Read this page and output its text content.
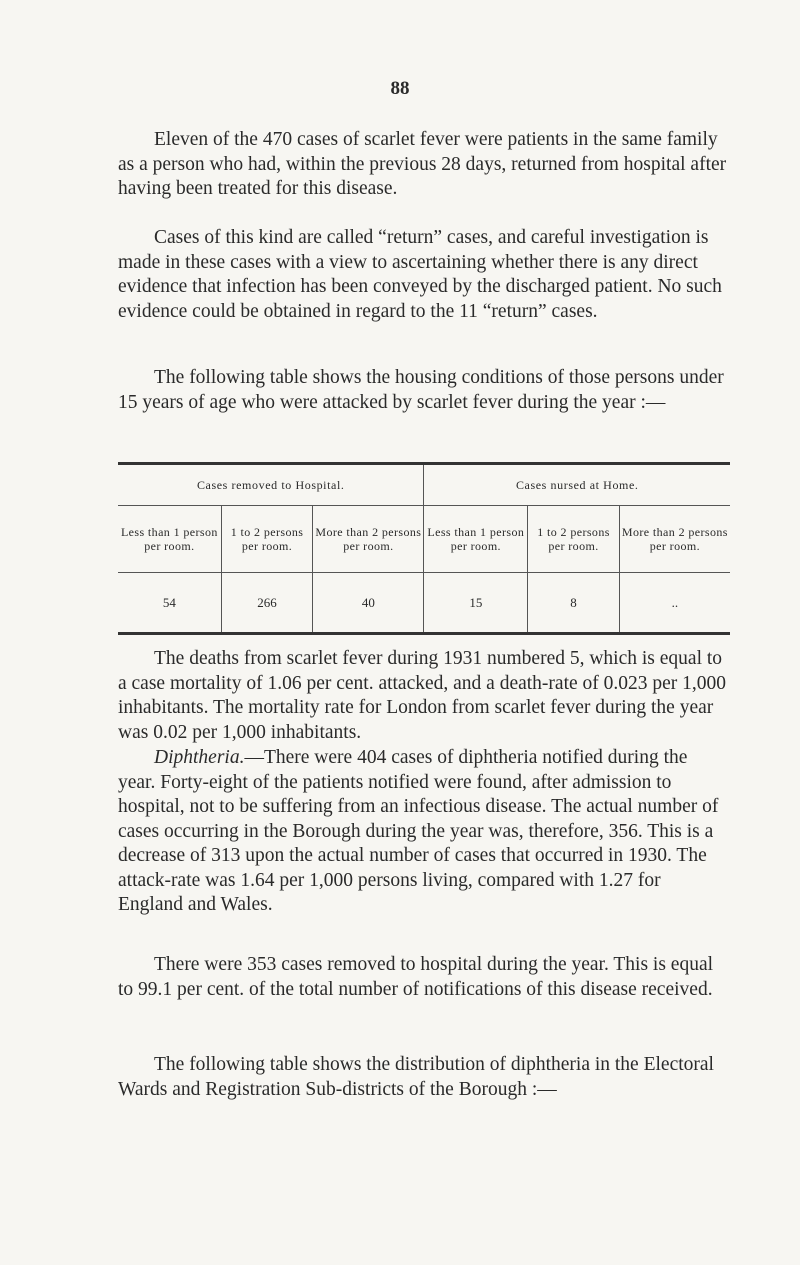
88

Eleven of the 470 cases of scarlet fever were patients in the same family as a person who had, within the previous 28 days, returned from hospital after having been treated for this disease.

Cases of this kind are called “return” cases, and careful investigation is made in these cases with a view to ascertaining whether there is any direct evidence that infection has been conveyed by the discharged patient. No such evidence could be obtained in regard to the 11 “return” cases.

The following table shows the housing conditions of those persons under 15 years of age who were attacked by scarlet fever during the year :—

Cases removed to Hospital.			Cases nursed at Home.		
Less than 1 person per room.	1 to 2 persons per room.	More than 2 persons per room.	Less than 1 person per room.	1 to 2 persons per room.	More than 2 persons per room.
54	266	40	15	8	..

The deaths from scarlet fever during 1931 numbered 5, which is equal to a case mortality of 1.06 per cent. attacked, and a death-rate of 0.023 per 1,000 inhabitants. The mortality rate for London from scarlet fever during the year was 0.02 per 1,000 inhabitants.

Diphtheria.—There were 404 cases of diphtheria notified during the year. Forty-eight of the patients notified were found, after admission to hospital, not to be suffering from an infectious disease. The actual number of cases occurring in the Borough during the year was, therefore, 356. This is a decrease of 313 upon the actual number of cases that occurred in 1930. The attack-rate was 1.64 per 1,000 persons living, compared with 1.27 for England and Wales.

There were 353 cases removed to hospital during the year. This is equal to 99.1 per cent. of the total number of notifications of this disease received.

The following table shows the distribution of diphtheria in the Electoral Wards and Registration Sub-districts of the Borough :—
